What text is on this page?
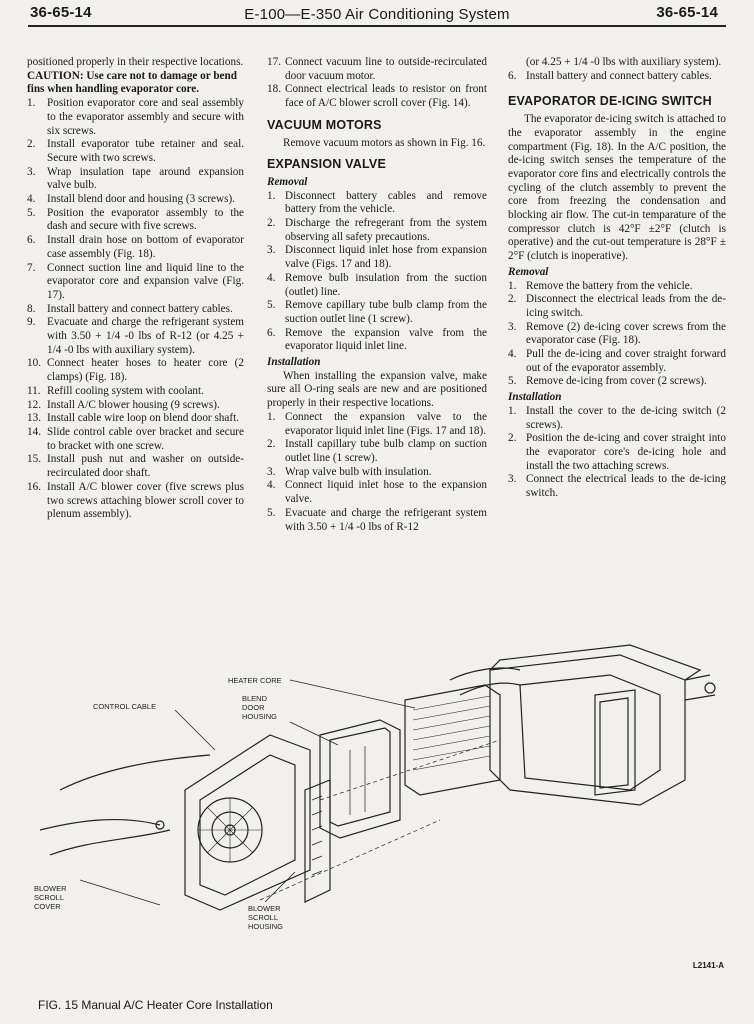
36-65-14	E-100—E-350 Air Conditioning System	36-65-14

positioned properly in their respective locations.

CAUTION: Use care not to damage or bend fins when handling evaporator core.

1. Position evaporator core and seal assembly to the evaporator assembly and secure with six screws.
2. Install evaporator tube retainer and seal. Secure with two screws.
3. Wrap insulation tape around expansion valve bulb.
4. Install blend door and housing (3 screws).
5. Position the evaporator assembly to the dash and secure with five screws.
6. Install drain hose on bottom of evaporator case assembly (Fig. 18).
7. Connect suction line and liquid line to the evaporator core and expansion valve (Fig. 17).
8. Install battery and connect battery cables.
9. Evacuate and charge the refrigerant system with 3.50 + 1/4 -0 lbs of R-12 (or 4.25 + 1/4 -0 lbs with auxiliary system).
10. Connect heater hoses to heater core (2 clamps) (Fig. 18).
11. Refill cooling system with coolant.
12. Install A/C blower housing (9 screws).
13. Install cable wire loop on blend door shaft.
14. Slide control cable over bracket and secure to bracket with one screw.
15. Install push nut and washer on outside-recirculated door shaft.
16. Install A/C blower cover (five screws plus two screws attaching blower scroll cover to plenum assembly).
17. Connect vacuum line to outside-recirculated door vacuum motor.
18. Connect electrical leads to resistor on front face of A/C blower scroll cover (Fig. 14).
VACUUM MOTORS

Remove vacuum motors as shown in Fig. 16.

EXPANSION VALVE
Removal
1. Disconnect battery cables and remove battery from the vehicle.
2. Discharge the refregerant from the system observing all safety precautions.
3. Disconnect liquid inlet hose from expansion valve (Figs. 17 and 18).
4. Remove bulb insulation from the suction (outlet) line.
5. Remove capillary tube bulb clamp from the suction outlet line (1 screw).
6. Remove the expansion valve from the evaporator liquid inlet line.
Installation

When installing the expansion valve, make sure all O-ring seals are new and are positioned properly in their respective locations.

1. Connect the expansion valve to the evaporator liquid inlet line (Figs. 17 and 18).
2. Install capillary tube bulb clamp on suction outlet line (1 screw).
3. Wrap valve bulb with insulation.
4. Connect liquid inlet hose to the expansion valve.
5. Evacuate and charge the refrigerant system with 3.50 + 1/4 -0 lbs of R-12

(or 4.25 + 1/4 -0 lbs with auxiliary system).

6. Install battery and connect battery cables.
EVAPORATOR DE-ICING SWITCH

The evaporator de-icing switch is attached to the evaporator assembly in the engine compartment (Fig. 18). In the A/C position, the de-icing switch senses the temperature of the evaporator core fins and electrically controls the cycling of the clutch assembly to prevent the core from freezing the condensation and blocking air flow. The cut-in temparature of the compressor clutch is 42°F ±2°F (clutch is operative) and the cut-out temperature is 28°F ± 2°F (clutch is inoperative).

Removal
1. Remove the battery from the vehicle.
2. Disconnect the electrical leads from the de-icing switch.
3. Remove (2) de-icing cover screws from the evaporator case (Fig. 18).
4. Pull the de-icing and cover straight forward out of the evaporator assembly.
5. Remove de-icing from cover (2 screws).
Installation
1. Install the cover to the de-icing switch (2 screws).
2. Position the de-icing and cover straight into the evaporator core's de-icing hole and install the two attaching screws.
3. Connect the electrical leads to the de-icing switch.
HEATER CORE
CONTROL CABLE
BLEND DOOR HOUSING
BLOWER SCROLL COVER	BLOWER SCROLL HOUSING
L2141-A
FIG. 15 Manual A/C Heater Core Installation
